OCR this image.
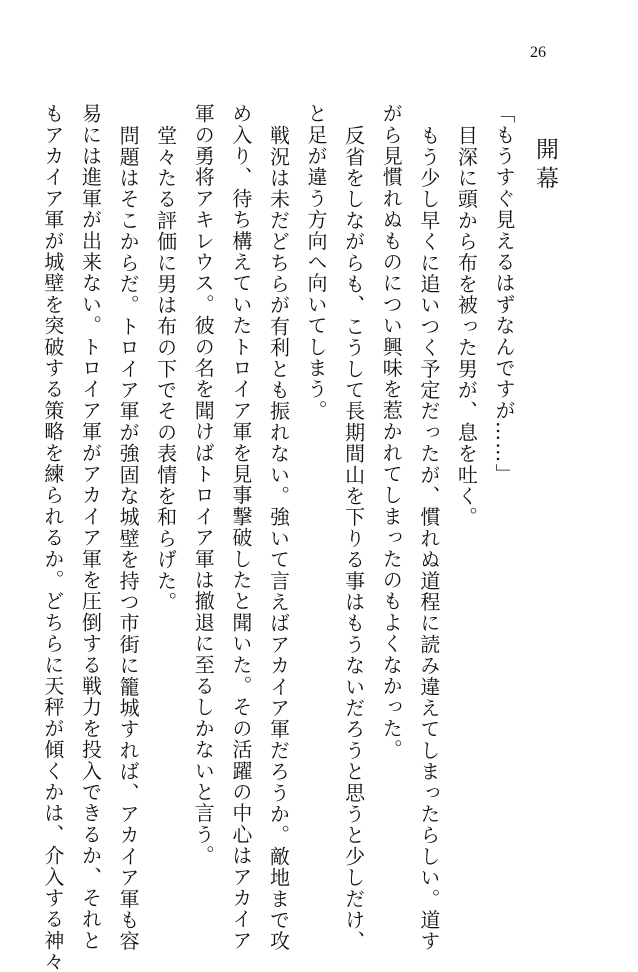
26
開幕
「もうすぐ見えるはずなんですが……」
目深に頭から布を被った男が、息を吐く。
もう少し早くに追いつく予定だったが、慣れぬ道程に読み違えてしまったらしい。道す
がら見慣れぬものについ興味を惹かれてしまったのもよくなかった。
反省をしながらも、こうして長期間山を下りる事はもうないだろうと思うと少しだけ、
と足が違う方向へ向いてしまう。
戦況は未だどちらが有利とも振れない。強いて言えばアカイア軍だろうか。敵地まで攻
め入り、待ち構えていたトロイア軍を見事撃破したと聞いた。その活躍の中心はアカイア
軍の勇将アキレウス。彼の名を聞けばトロイア軍は撤退に至るしかないと言う。
堂々たる評価に男は布の下でその表情を和らげた。
問題はそこからだ。トロイア軍が強固な城壁を持つ市街に籠城すれば、アカイア軍も容
易には進軍が出来ない。トロイア軍がアカイア軍を圧倒する戦力を投入できるか、それと
もアカイア軍が城壁を突破する策略を練られるか。どちらに天秤が傾くかは、介入する神々
